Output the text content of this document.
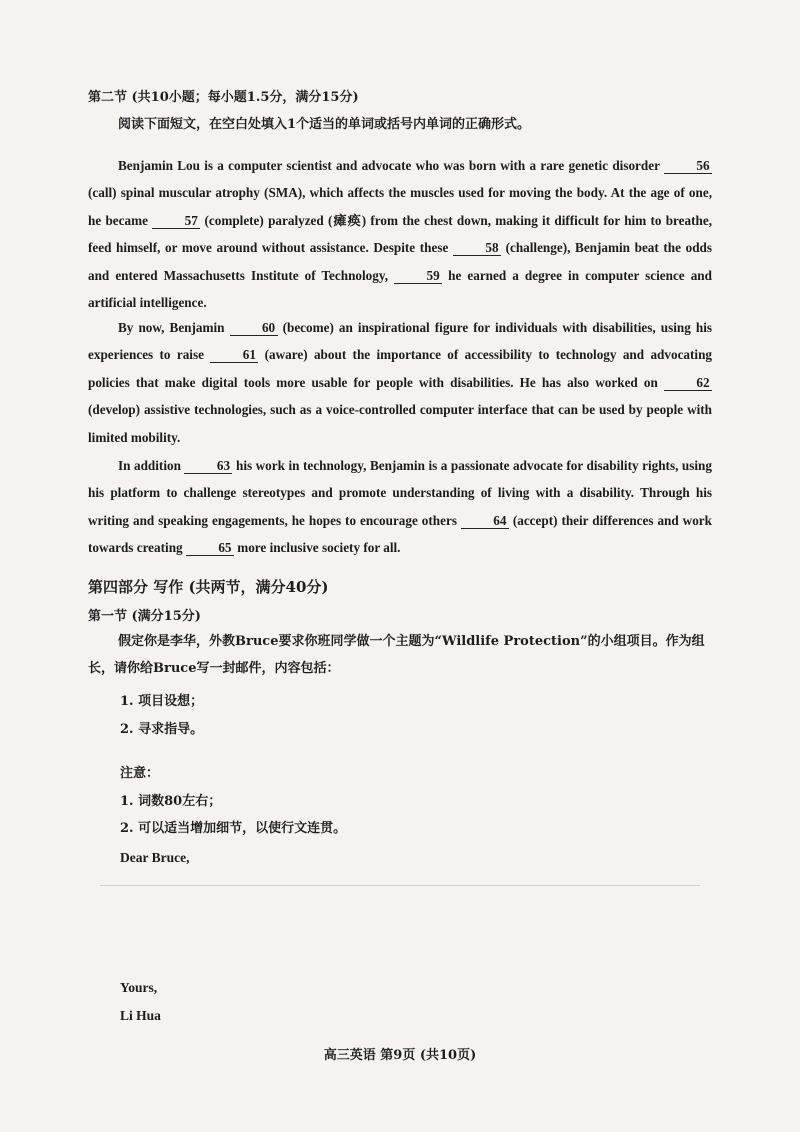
第二节 (共10小题；每小题1.5分，满分15分)
阅读下面短文，在空白处填入1个适当的单词或括号内单词的正确形式。

Benjamin Lou is a computer scientist and advocate who was born with a rare genetic disorder 56 (call) spinal muscular atrophy (SMA), which affects the muscles used for moving the body. At the age of one, he became 57 (complete) paralyzed (瘫痪) from the chest down, making it difficult for him to breathe, feed himself, or move around without assistance. Despite these 58 (challenge), Benjamin beat the odds and entered Massachusetts Institute of Technology, 59 he earned a degree in computer science and artificial intelligence.

By now, Benjamin 60 (become) an inspirational figure for individuals with disabilities, using his experiences to raise 61 (aware) about the importance of accessibility to technology and advocating policies that make digital tools more usable for people with disabilities. He has also worked on 62 (develop) assistive technologies, such as a voice-controlled computer interface that can be used by people with limited mobility.

In addition 63 his work in technology, Benjamin is a passionate advocate for disability rights, using his platform to challenge stereotypes and promote understanding of living with a disability. Through his writing and speaking engagements, he hopes to encourage others 64 (accept) their differences and work towards creating 65 more inclusive society for all.

第四部分 写作 (共两节，满分40分)
第一节 (满分15分)
假定你是李华，外教Bruce要求你班同学做一个主题为“Wildlife Protection”的小组项目。作为组长，请你给Bruce写一封邮件，内容包括：
1. 项目设想；
2. 寻求指导。
注意：
1. 词数80左右；
2. 可以适当增加细节，以使行文连贯。
Dear Bruce,
Yours,
Li Hua
高三英语 第9页 (共10页)
